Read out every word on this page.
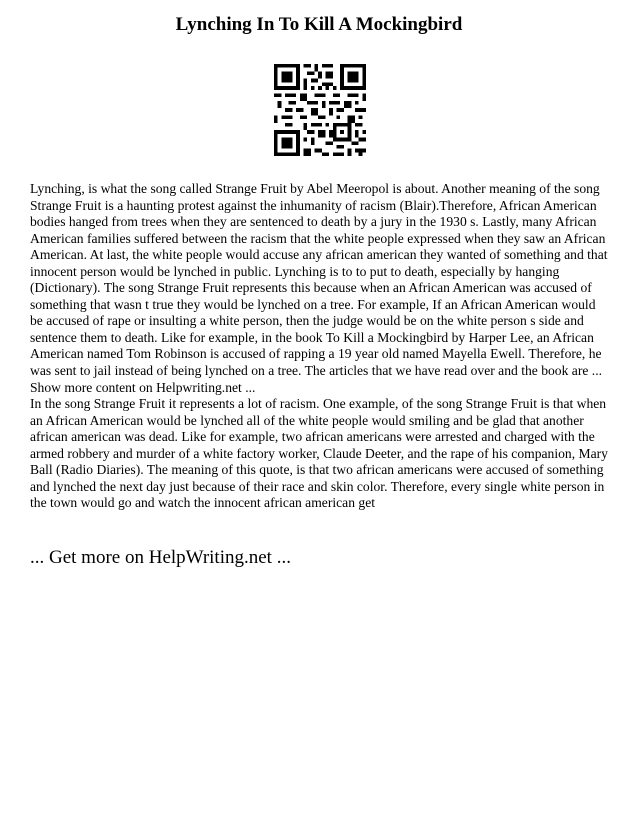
Lynching In To Kill A Mockingbird

Lynching, is what the song called Strange Fruit by Abel Meeropol is about. Another meaning of the song Strange Fruit is a haunting protest against the inhumanity of racism (Blair).Therefore, African American bodies hanged from trees when they are sentenced to death by a jury in the 1930 s. Lastly, many African American families suffered between the racism that the white people expressed when they saw an African American. At last, the white people would accuse any african american they wanted of something and that innocent person would be lynched in public. Lynching is to to put to death, especially by hanging (Dictionary). The song Strange Fruit represents this because when an African American was accused of something that wasn t true they would be lynched on a tree. For example, If an African American would be accused of rape or insulting a white person, then the judge would be on the white person s side and sentence them to death. Like for example, in the book To Kill a Mockingbird by Harper Lee, an African American named Tom Robinson is accused of rapping a 19 year old named Mayella Ewell. Therefore, he was sent to jail instead of being lynched on a tree. The articles that we have read over and the book are ... Show more content on Helpwriting.net ...

In the song Strange Fruit it represents a lot of racism. One example, of the song Strange Fruit is that when an African American would be lynched all of the white people would smiling and be glad that another african american was dead. Like for example, two african americans were arrested and charged with the armed robbery and murder of a white factory worker, Claude Deeter, and the rape of his companion, Mary Ball (Radio Diaries). The meaning of this quote, is that two african americans were accused of something and lynched the next day just because of their race and skin color. Therefore, every single white person in the town would go and watch the innocent african american get

... Get more on HelpWriting.net ...
